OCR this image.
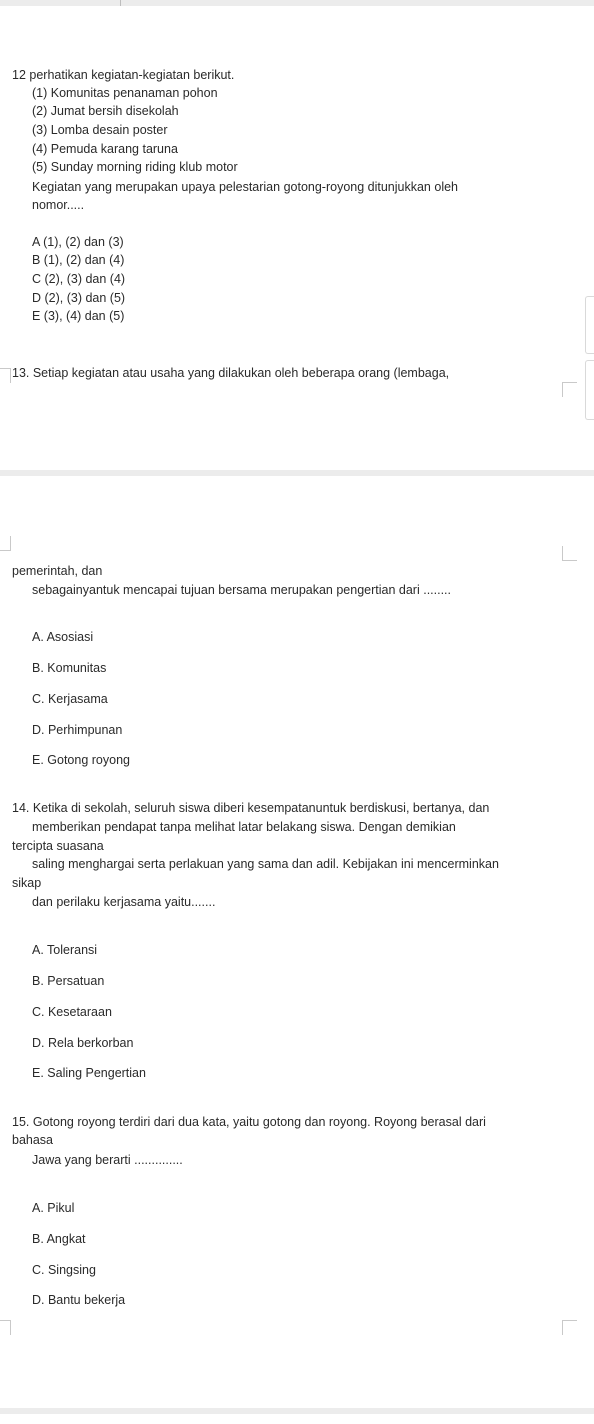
12 perhatikan kegiatan-kegiatan berikut.
(1) Komunitas penanaman pohon
(2) Jumat bersih disekolah
(3) Lomba desain poster
(4) Pemuda karang taruna
(5) Sunday morning riding klub motor
Kegiatan yang merupakan upaya pelestarian gotong-royong ditunjukkan oleh
nomor.....
A (1), (2) dan (3)
B (1), (2) dan (4)
C (2), (3) dan (4)
D (2), (3) dan (5)
E (3), (4) dan (5)
13. Setiap kegiatan atau usaha yang dilakukan oleh beberapa orang (lembaga,
pemerintah, dan
sebagainyantuk mencapai tujuan bersama merupakan pengertian dari ........
A. Asosiasi
B. Komunitas
C. Kerjasama
D. Perhimpunan
E. Gotong royong
14. Ketika di sekolah, seluruh siswa diberi kesempatanuntuk berdiskusi, bertanya, dan
memberikan pendapat tanpa melihat latar belakang siswa. Dengan demikian
tercipta suasana
saling menghargai serta perlakuan yang sama dan adil. Kebijakan ini mencerminkan
sikap
dan perilaku kerjasama yaitu.......
A. Toleransi
B. Persatuan
C. Kesetaraan
D. Rela berkorban
E. Saling Pengertian
15. Gotong royong terdiri dari dua kata, yaitu gotong dan royong. Royong berasal dari
bahasa
Jawa yang berarti ..............
A. Pikul
B. Angkat
C. Singsing
D. Bantu bekerja
